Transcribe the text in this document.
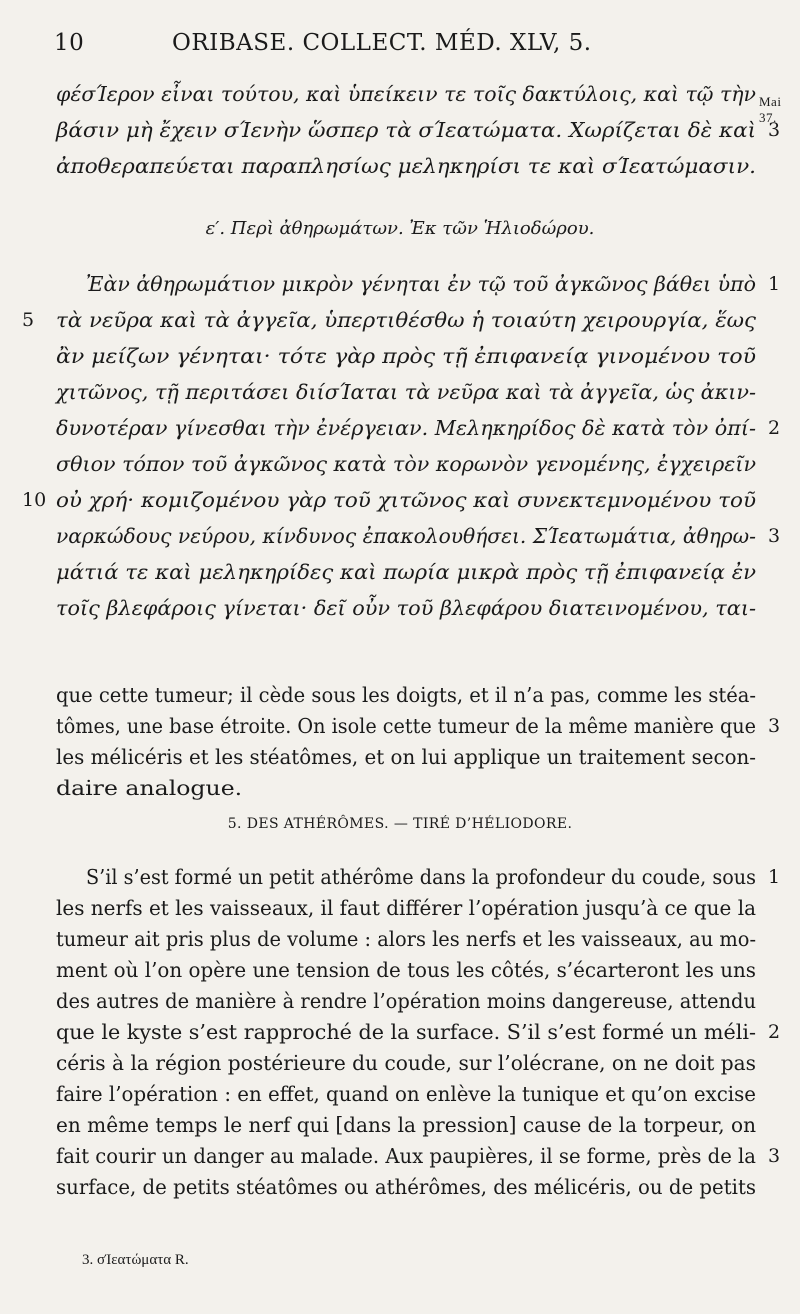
10	ORIBASE. COLLECT. MÉD. XLV, 5.
Mai 37.
φέσΊερον εἶναι τούτου, καὶ ὑπείκειν τε τοῖς δακτύλοις, καὶ τῷ τὴν
βάσιν μὴ ἔχειν σΊενὴν ὥσπερ τὰ σΊεατώματα. Χωρίζεται δὲ καὶ 3
ἀποθεραπεύεται παραπλησίως μεληκηρίσι τε καὶ σΊεατώμασιν.
ε′. Περὶ ἀθηρωμάτων. Ἐκ τῶν Ἡλιοδώρου.
Ἐὰν ἀθηρωμάτιον μικρὸν γένηται ἐν τῷ τοῦ ἀγκῶνος βάθει ὑπὸ 1
5 τὰ νεῦρα καὶ τὰ ἀγγεῖα, ὑπερτιθέσθω ἡ τοιαύτη χειρουργία, ἕως
ἂν μείζων γένηται· τότε γὰρ πρὸς τῇ ἐπιφανείᾳ γινομένου τοῦ
χιτῶνος, τῇ περιτάσει διίσΊαται τὰ νεῦρα καὶ τὰ ἀγγεῖα, ὡς ἀκιν-
δυνοτέραν γίνεσθαι τὴν ἐνέργειαν. Μεληκηρίδος δὲ κατὰ τὸν ὀπί- 2
σθιον τόπον τοῦ ἀγκῶνος κατὰ τὸν κορωνὸν γενομένης, ἐγχειρεῖν
10 οὐ χρή· κομιζομένου γὰρ τοῦ χιτῶνος καὶ συνεκτεμνομένου τοῦ
ναρκώδους νεύρου, κίνδυνος ἐπακολουθήσει. ΣΊεατωμάτια, ἀθηρω- 3
μάτιά τε καὶ μεληκηρίδες καὶ πωρία μικρὰ πρὸς τῇ ἐπιφανείᾳ ἐν
τοῖς βλεφάροις γίνεται· δεῖ οὖν τοῦ βλεφάρου διατεινομένου, ται-
que cette tumeur; il cède sous les doigts, et il n’a pas, comme les stéa-
tômes, une base étroite. On isole cette tumeur de la même manière que 3
les mélicéris et les stéatômes, et on lui applique un traitement secon-
daire analogue.
5. DES ATHÉRÔMES. — TIRÉ D’HÉLIODORE.
S’il s’est formé un petit athérôme dans la profondeur du coude, sous 1
les nerfs et les vaisseaux, il faut différer l’opération jusqu’à ce que la
tumeur ait pris plus de volume : alors les nerfs et les vaisseaux, au mo-
ment où l’on opère une tension de tous les côtés, s’écarteront les uns
des autres de manière à rendre l’opération moins dangereuse, attendu
que le kyste s’est rapproché de la surface. S’il s’est formé un méli- 2
céris à la région postérieure du coude, sur l’olécrane, on ne doit pas
faire l’opération : en effet, quand on enlève la tunique et qu’on excise
en même temps le nerf qui [dans la pression] cause de la torpeur, on
fait courir un danger au malade. Aux paupières, il se forme, près de la 3
surface, de petits stéatômes ou athérômes, des mélicéris, ou de petits
3. σΊεατώματα R.
